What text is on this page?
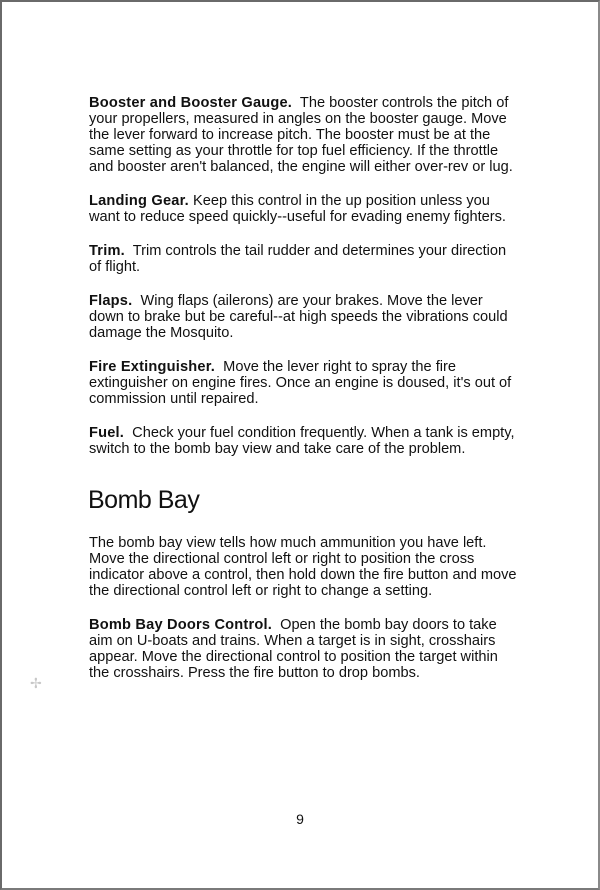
Booster and Booster Gauge. The booster controls the pitch of your propellers, measured in angles on the booster gauge. Move the lever forward to increase pitch. The booster must be at the same setting as your throttle for top fuel efficiency. If the throttle and booster aren't balanced, the engine will either over-rev or lug.

Landing Gear. Keep this control in the up position unless you want to reduce speed quickly--useful for evading enemy fighters.

Trim. Trim controls the tail rudder and determines your direction of flight.

Flaps. Wing flaps (ailerons) are your brakes. Move the lever down to brake but be careful--at high speeds the vibrations could damage the Mosquito.

Fire Extinguisher. Move the lever right to spray the fire extinguisher on engine fires. Once an engine is doused, it's out of commission until repaired.

Fuel. Check your fuel condition frequently. When a tank is empty, switch to the bomb bay view and take care of the problem.

Bomb Bay

The bomb bay view tells how much ammunition you have left. Move the directional control left or right to position the cross indicator above a control, then hold down the fire button and move the directional control left or right to change a setting.

Bomb Bay Doors Control. Open the bomb bay doors to take aim on U-boats and trains. When a target is in sight, crosshairs appear. Move the directional control to position the target within the crosshairs. Press the fire button to drop bombs.

✢
9
